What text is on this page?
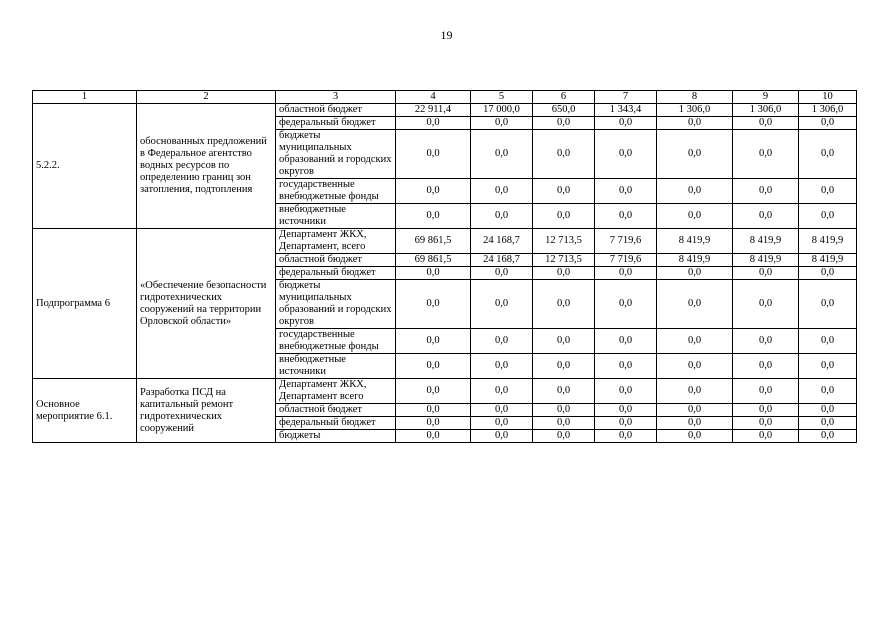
19
1	2	3	4	5	6	7	8	9	10
5.2.2.	обоснованных предложений в Федеральное агентство водных ресурсов по определению границ зон затопления, подтопления	областной бюджет	22 911,4	17 000,0	650,0	1 343,4	1 306,0	1 306,0	1 306,0
		федеральный бюджет	0,0	0,0	0,0	0,0	0,0	0,0	0,0
		бюджеты муниципальных образований и городских округов	0,0	0,0	0,0	0,0	0,0	0,0	0,0
		государственные внебюджетные фонды	0,0	0,0	0,0	0,0	0,0	0,0	0,0
		внебюджетные источники	0,0	0,0	0,0	0,0	0,0	0,0	0,0
Подпрограмма 6	«Обеспечение безопасности гидротехнических сооружений на территории Орловской области»	Департамент ЖКХ, Департамент, всего	69 861,5	24 168,7	12 713,5	7 719,6	8 419,9	8 419,9	8 419,9
		областной бюджет	69 861,5	24 168,7	12 713,5	7 719,6	8 419,9	8 419,9	8 419,9
		федеральный бюджет	0,0	0,0	0,0	0,0	0,0	0,0	0,0
		бюджеты муниципальных образований и городских округов	0,0	0,0	0,0	0,0	0,0	0,0	0,0
		государственные внебюджетные фонды	0,0	0,0	0,0	0,0	0,0	0,0	0,0
		внебюджетные источники	0,0	0,0	0,0	0,0	0,0	0,0	0,0
Основное мероприятие 6.1.	Разработка ПСД на капитальный ремонт гидротехнических сооружений	Департамент ЖКХ, Департамент всего	0,0	0,0	0,0	0,0	0,0	0,0	0,0
		областной бюджет	0,0	0,0	0,0	0,0	0,0	0,0	0,0
		федеральный бюджет	0,0	0,0	0,0	0,0	0,0	0,0	0,0
		бюджеты	0,0	0,0	0,0	0,0	0,0	0,0	0,0
